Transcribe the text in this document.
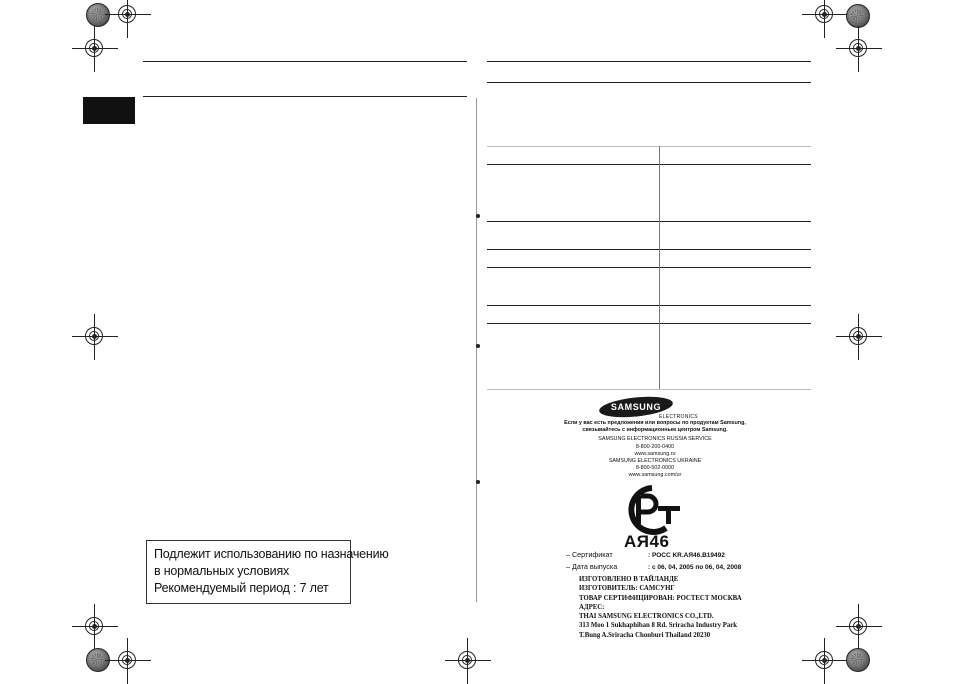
Подлежит использованию по назначению
в нормальных условиях
Рекомендуемый период : 7 лет
SAMSUNG
ELECTRONICS
Если у вас есть предложения или вопросы по продуктам Samsung,
связывайтесь с информационным центром Samsung.
SAMSUNG ELECTRONICS RUSSIA SERVICE
8-800-200-0400
www.samsung.ru
SAMSUNG ELECTRONICS UKRAINE
8-800-502-0000
www.samsung.com/ur
АЯ46
– Сертификат	: РОСС KR.АЯ46.В19492
– Дата выпуска	: с 06, 04, 2005 по 06, 04, 2008
ИЗГОТОВЛЕНО В ТАЙЛАНДЕ
ИЗГОТОВИТЕЛЬ: САМСУНГ
ТОВАР СЕРТИФИЦИРОВАН: РОСТЕСТ МОСКВА
АДРЕС:
THAI SAMSUNG ELECTRONICS CO.,LTD.
313 Moo 1 Sukhaphiban 8 Rd. Sriracha Industry Park
T.Bung A.Sriracha Chonburi Thailand 20230
